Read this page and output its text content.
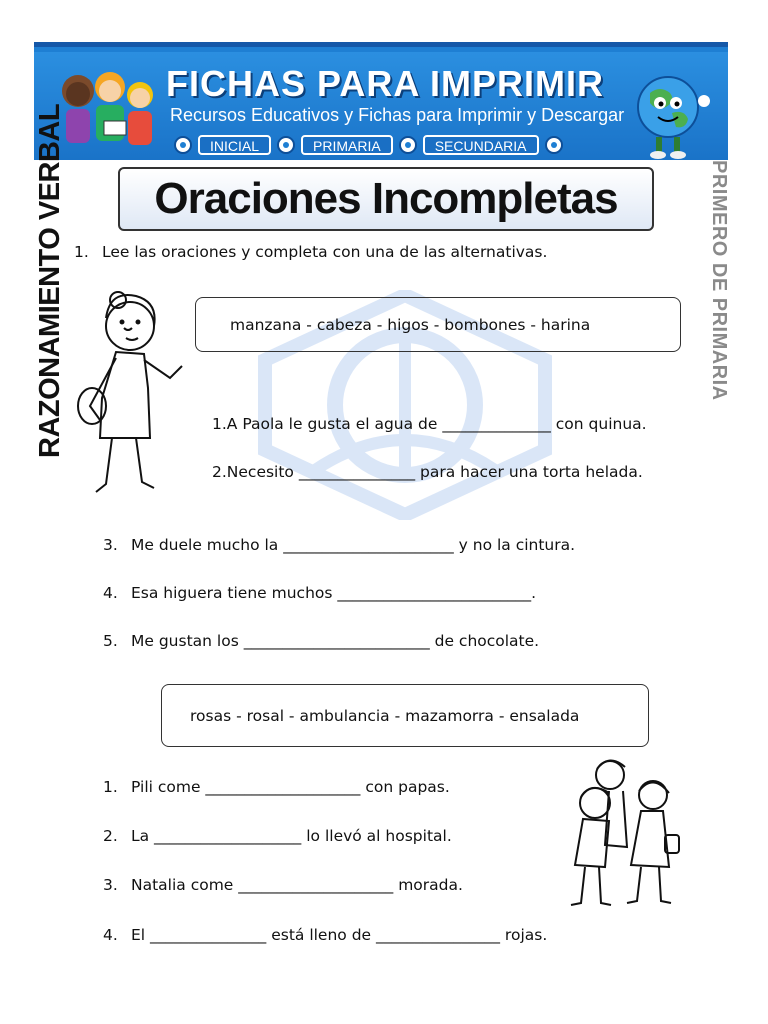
FICHAS PARA IMPRIMIR
Recursos Educativos y Fichas para Imprimir y Descargar
INICIAL	PRIMARIA	SECUNDARIA
RAZONAMIENTO VERBAL	PRIMERO DE PRIMARIA
Oraciones Incompletas
1. Lee las oraciones y completa con una de las alternativas.
manzana - cabeza - higos - bombones - harina
1.A Paola le gusta el agua de ______________ con quinua.
2.Necesito _______________ para hacer una torta helada.
3. Me duele mucho la ______________________ y no la cintura.
4. Esa higuera tiene muchos _________________________.
5. Me gustan los ________________________ de chocolate.
rosas - rosal - ambulancia - mazamorra - ensalada
1. Pili come ____________________ con papas.
2. La ___________________ lo llevó al hospital.
3. Natalia come ____________________ morada.
4. El _______________ está lleno de ________________ rojas.
